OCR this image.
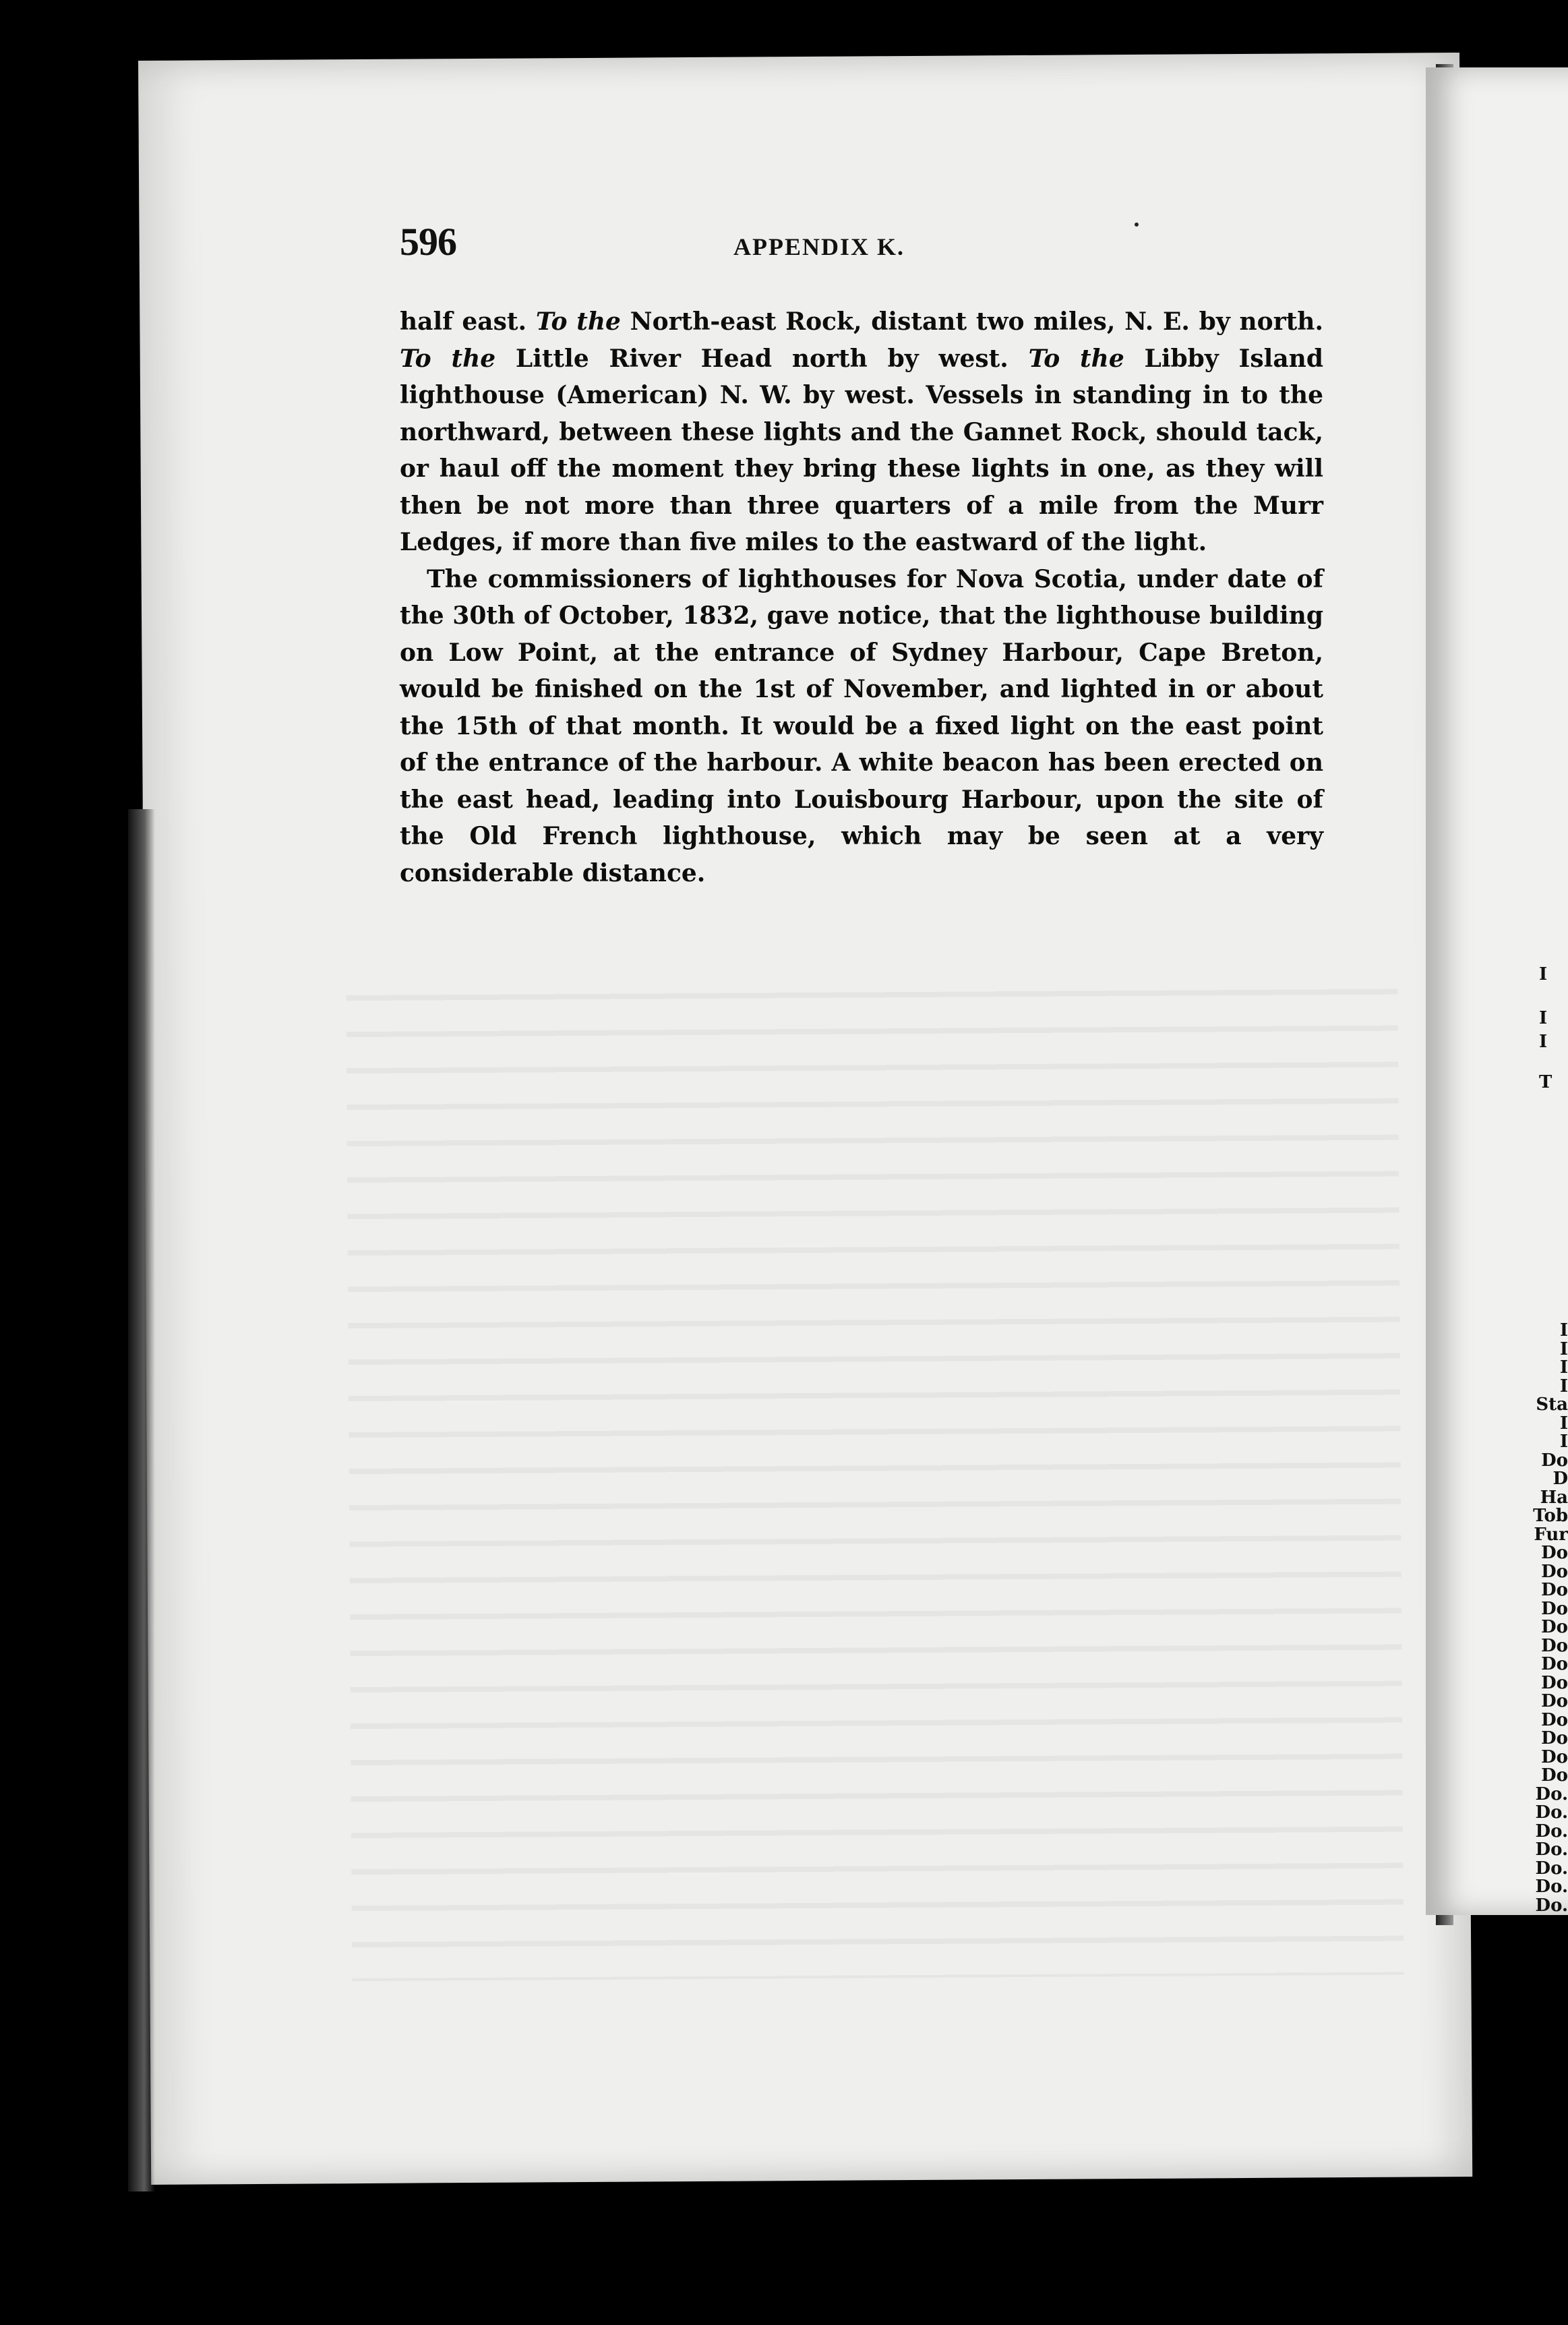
596	APPENDIX K.

half east. To the North-east Rock, distant two miles, N. E. by north. To the Little River Head north by west. To the Libby Island lighthouse (American) N. W. by west. Vessels in standing in to the northward, between these lights and the Gannet Rock, should tack, or haul off the moment they bring these lights in one, as they will then be not more than three quarters of a mile from the Murr Ledges, if more than five miles to the eastward of the light.

The commissioners of lighthouses for Nova Scotia, under date of the 30th of October, 1832, gave notice, that the lighthouse building on Low Point, at the entrance of Sydney Harbour, Cape Breton, would be finished on the 1st of November, and lighted in or about the 15th of that month. It would be a fixed light on the east point of the entrance of the harbour. A white beacon has been erected on the east head, leading into Louisbourg Harbour, upon the site of the Old French lighthouse, which may be seen at a very considerable distance.

I
I
I
T
I
I
I
I
Sta
I
I
Do
D
Ha
Tob
Fur
Do
Do
Do
Do
Do
Do
Do
Do
Do
Do
Do
Do
Do
Do.
Do.
Do.
Do.
Do.
Do.
Do.
